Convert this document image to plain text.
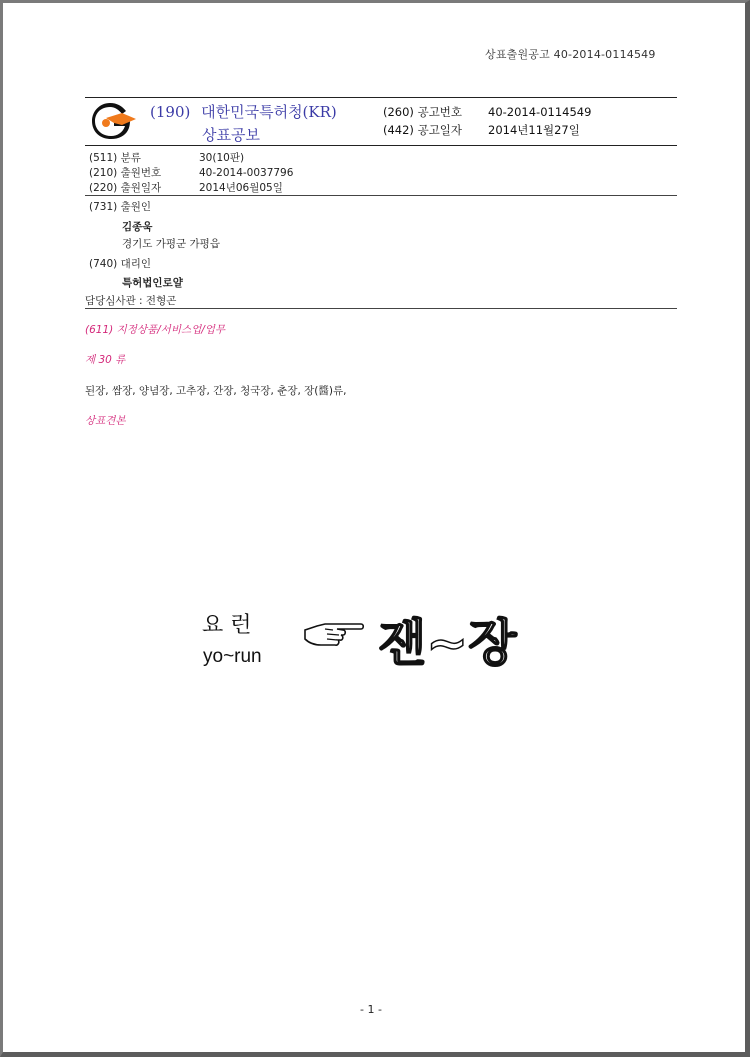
상표출원공고 40-2014-0114549
(190) 대한민국특허청(KR)
상표공보
(260) 공고번호 40-2014-0114549
(442) 공고일자 2014년11월27일
(511) 분류	30(10판)
(210) 출원번호	40-2014-0037796
(220) 출원일자	2014년06월05일
(731) 출원인
김종욱
경기도 가평군 가평읍
(740) 대리인
특허법인로얄
담당심사관 : 전형곤
(611) 지정상품/서비스업/업무
제 30 류
된장, 쌈장, 양념장, 고추장, 간장, 청국장, 춘장, 장(醬)류,
상표견본
요 런
yo~run 잰~장
- 1 -
